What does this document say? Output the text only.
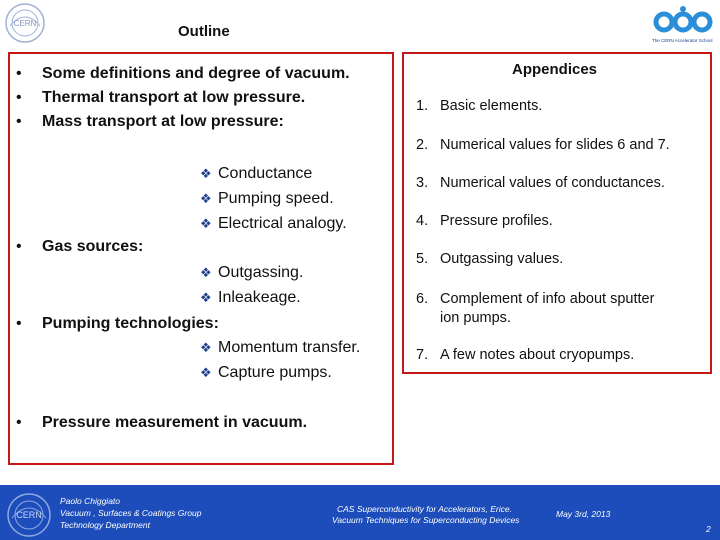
CERN	Outline
The CERN Accelerator School
• Some definitions and degree of vacuum.
• Thermal transport at low pressure.
• Mass transport at low pressure:
❖ Conductance
❖ Pumping speed.
❖ Electrical analogy.
• Gas sources:
❖ Outgassing.
❖ Inleakeage.
• Pumping technologies:
❖ Momentum transfer.
❖ Capture pumps.
• Pressure measurement in vacuum.
Appendices
1. Basic elements.
2. Numerical values for slides 6 and 7.
3. Numerical values of conductances.
4. Pressure profiles.
5. Outgassing values.
6. Complement of info about sputter
ion pumps.
7. A few notes about cryopumps.
CERN
Paolo Chiggiato
Vacuum , Surfaces & Coatings Group
Technology Department
CAS Superconductivity for Accelerators, Erice.
Vacuum Techniques for Superconducting Devices
May 3rd, 2013
2
